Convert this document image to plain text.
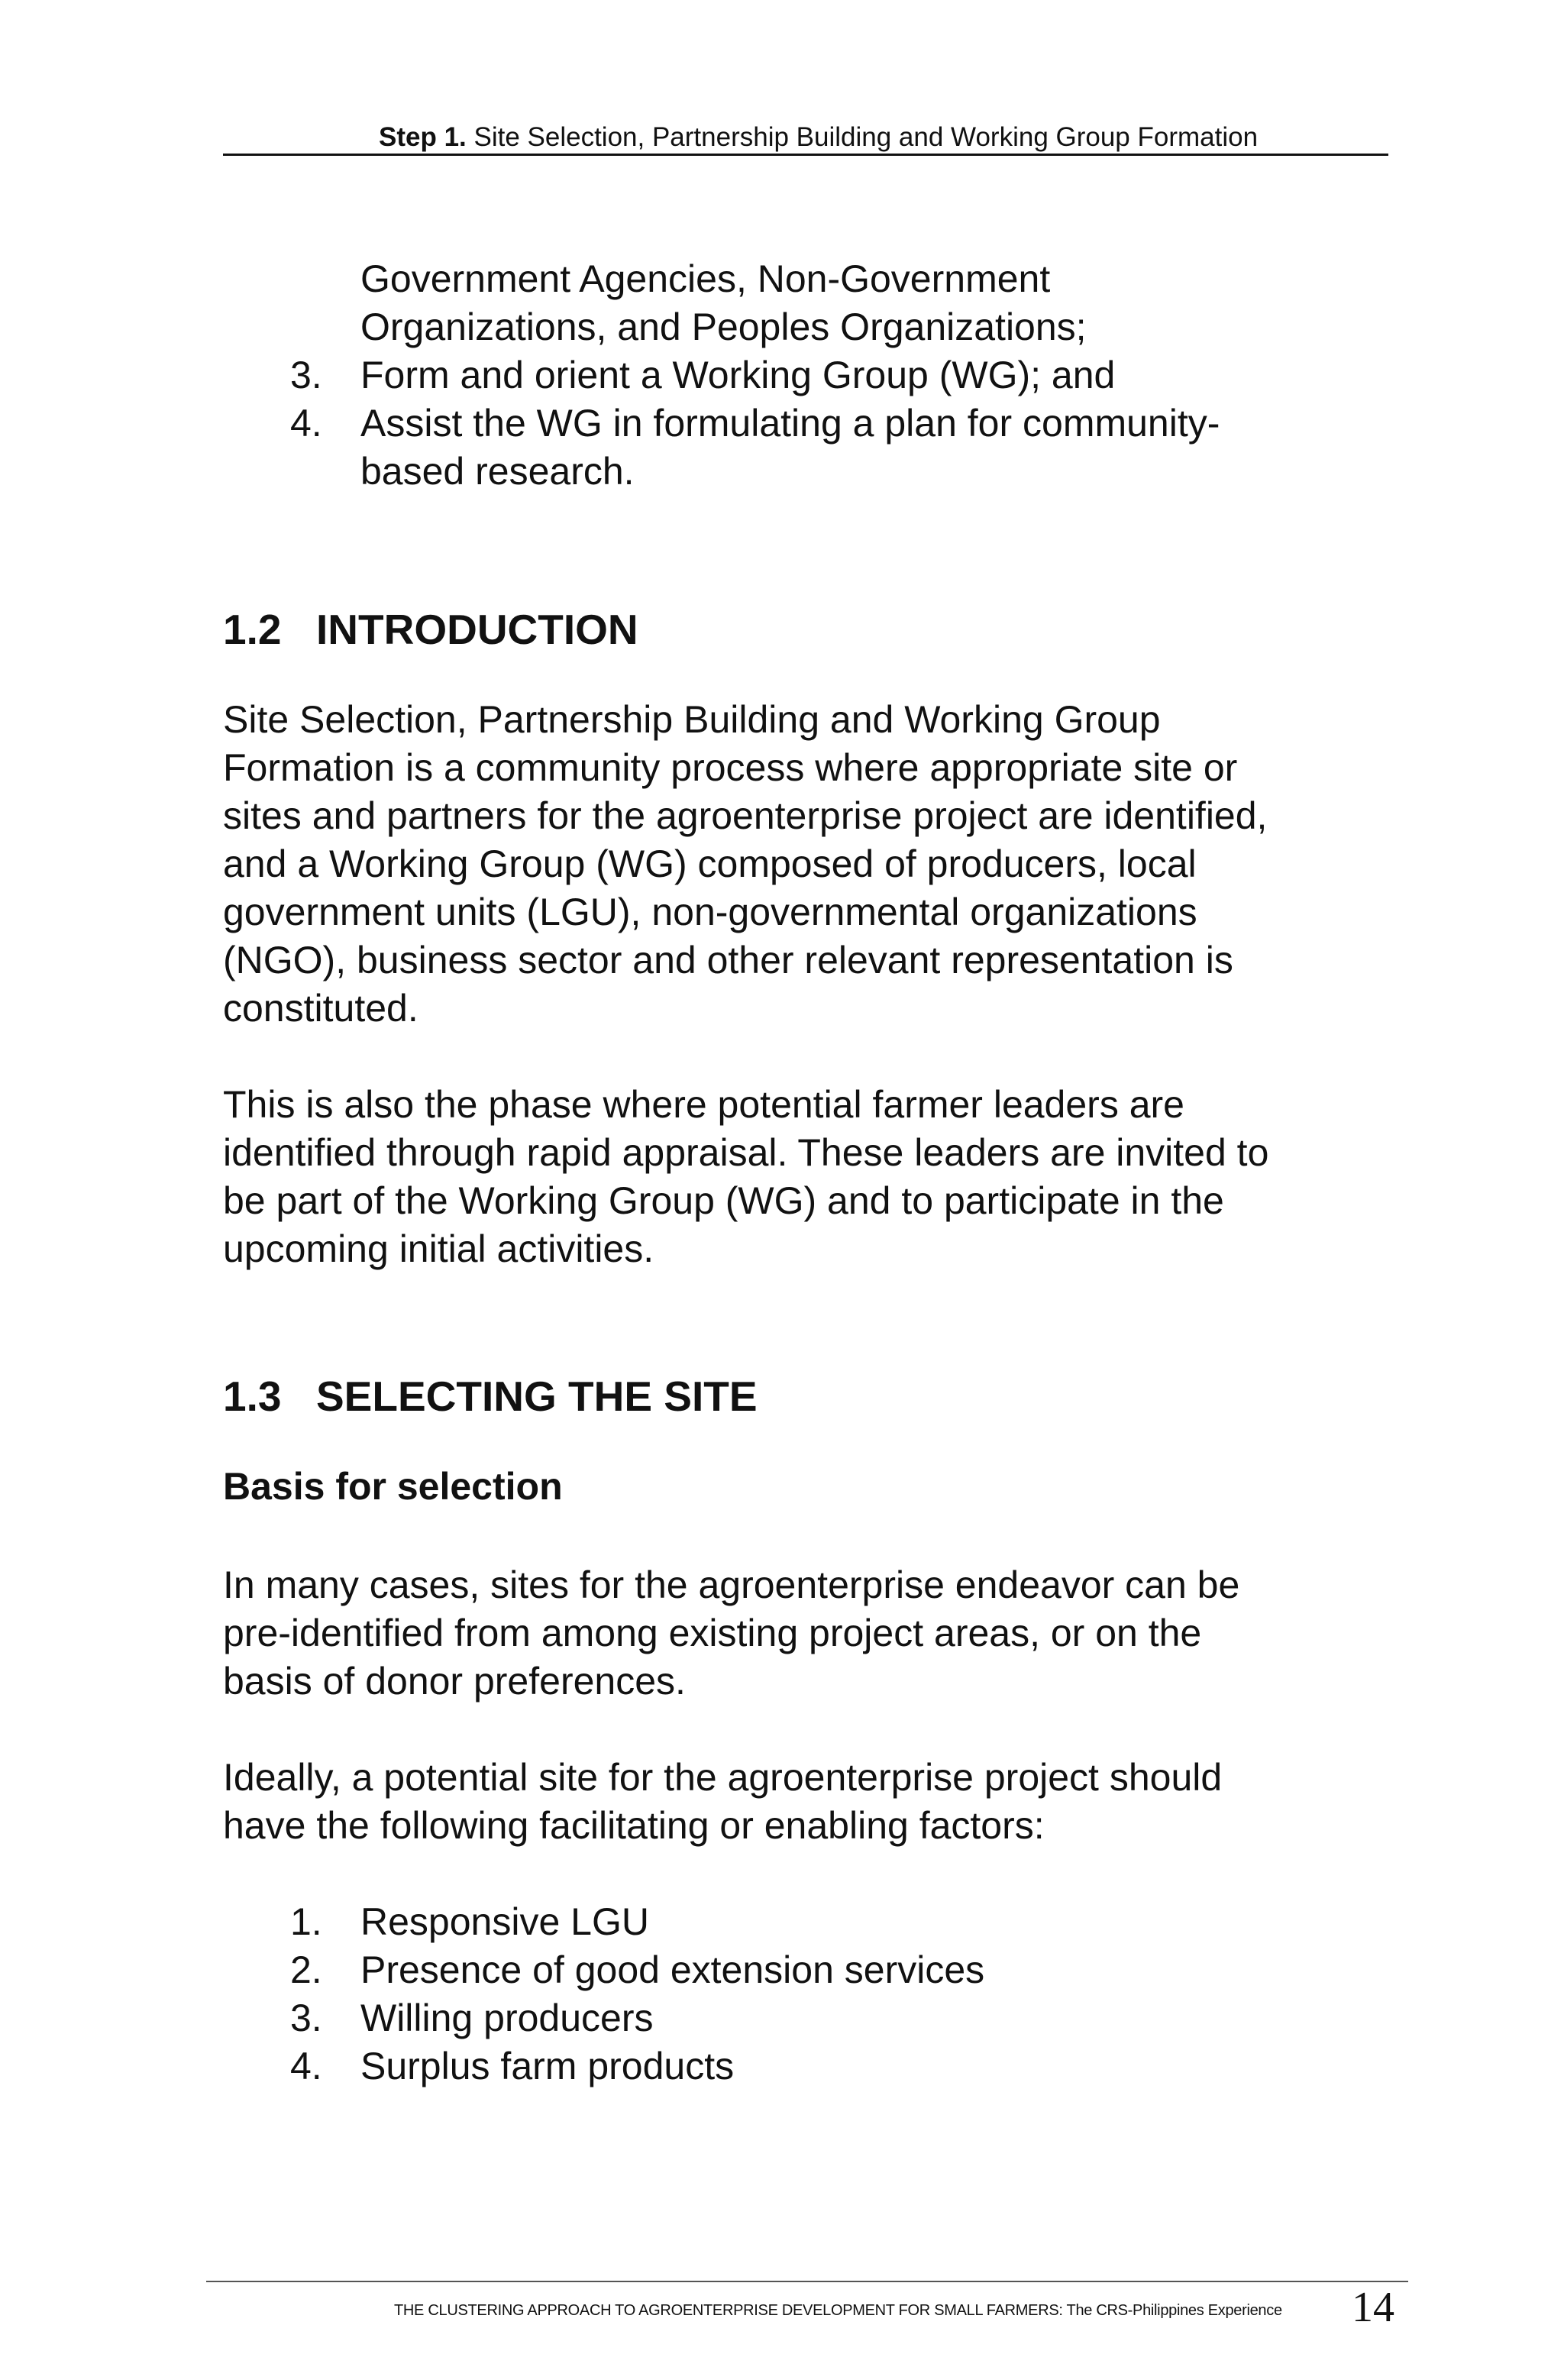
Step 1. Site Selection, Partnership Building and Working Group Formation
Government Agencies, Non-Government
Organizations, and Peoples Organizations;
3. Form and orient a Working Group (WG); and
4. Assist the WG in formulating a plan for community-
based research.
1.2 INTRODUCTION
Site Selection, Partnership Building and Working Group
Formation is a community process where appropriate site or
sites and partners for the agroenterprise project are identified,
and a Working Group (WG) composed of producers, local
government units (LGU), non-governmental organizations
(NGO), business sector and other relevant representation is
constituted.
This is also the phase where potential farmer leaders are
identified through rapid appraisal. These leaders are invited to
be part of the Working Group (WG) and to participate in the
upcoming initial activities.
1.3 SELECTING THE SITE
Basis for selection
In many cases, sites for the agroenterprise endeavor can be
pre-identified from among existing project areas, or on the
basis of donor preferences.
Ideally, a potential site for the agroenterprise project should
have the following facilitating or enabling factors:
1. Responsive LGU
2. Presence of good extension services
3. Willing producers
4. Surplus farm products
THE CLUSTERING APPROACH TO AGROENTERPRISE DEVELOPMENT FOR SMALL FARMERS: The CRS-Philippines Experience 14
